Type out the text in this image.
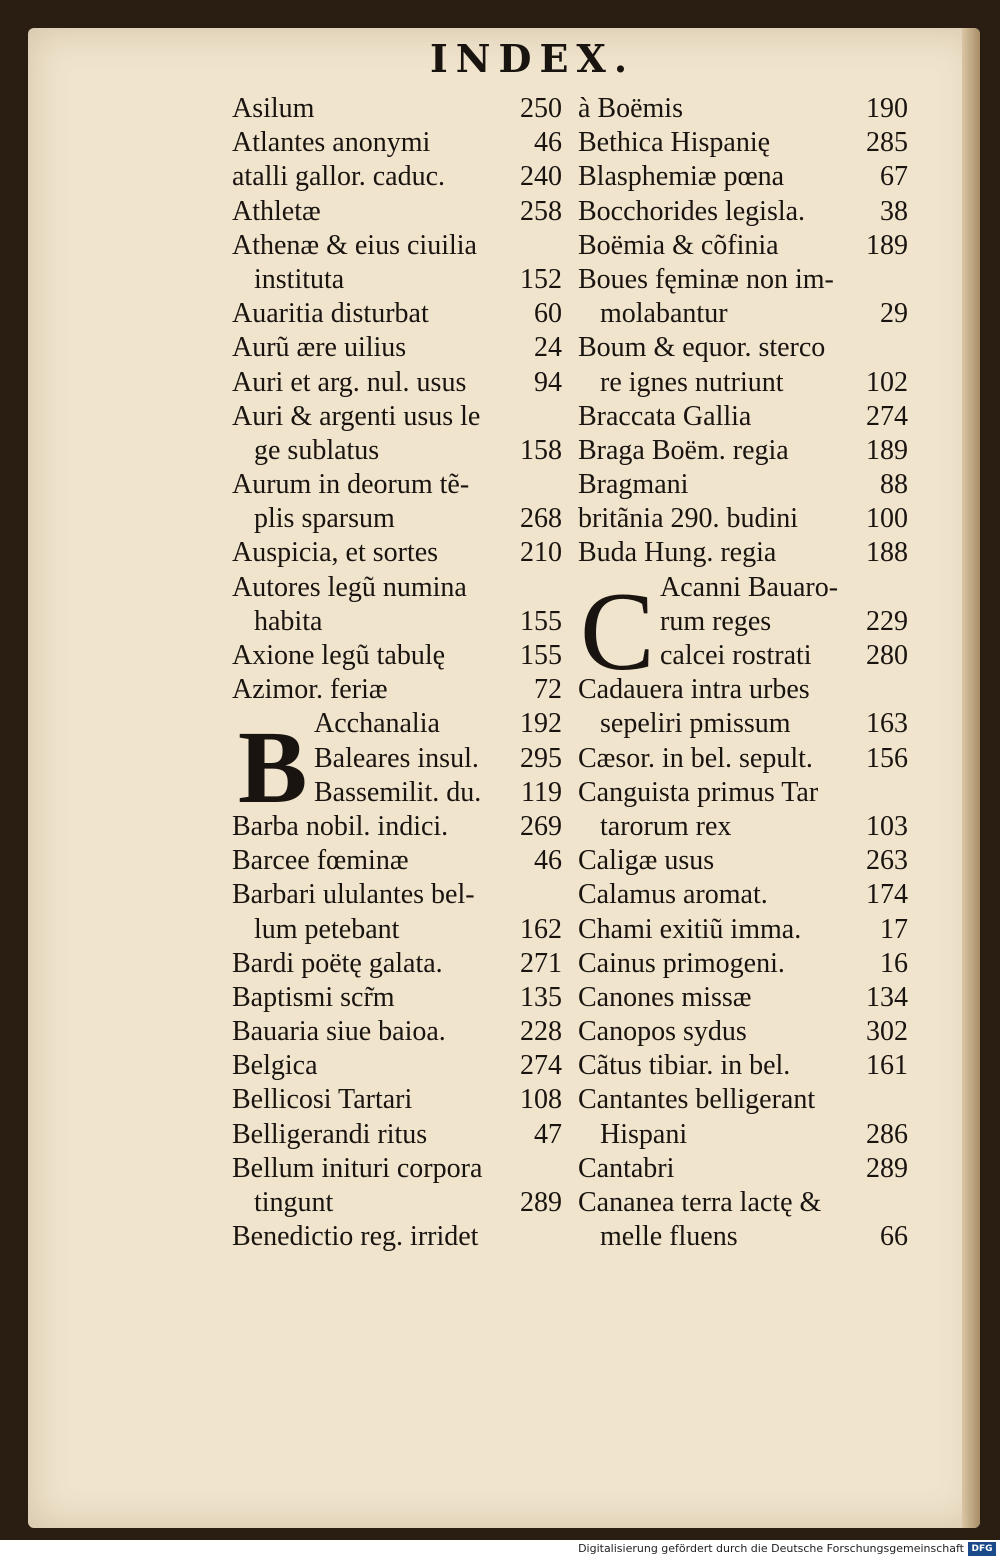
INDEX.
B
C
Asilum	250
Atlantes anonymi	46
atalli gallor. caduc.	240
Athletæ	258
Athenæ & eius ciuilia
instituta	152
Auaritia disturbat	60
Aurũ ære uilius	24
Auri et arg. nul. usus 94
Auri & argenti usus le
ge sublatus	158
Aurum in deorum tẽ-
plis sparsum	268
Auspicia, et sortes	210
Autores legũ numina
habita	155
Axione legũ tabulę	155
Azimor. feriæ	72
Acchanalia	192
Baleares insul. 295
Bassemilit. du. 119
Barba nobil. indici.	269
Barcee fœminæ	46
Barbari ululantes bel-
lum petebant	162
Bardi poëtę galata.	271
Baptismi scr̃m	135
Bauaria siue baioa.	228
Belgica	274
Bellicosi Tartari	108
Belligerandi ritus	47
Bellum inituri corpora
tingunt	289
Benedictio reg. irridet
à Boëmis	190
Bethica Hispanię	285
Blasphemiæ pœna	67
Bocchorides legisla.	38
Boëmia & cõfinia	189
Boues fęminæ non im-
molabantur	29
Boum & equor. sterco
re ignes nutriunt	102
Braccata Gallia	274
Braga Boëm. regia	189
Bragmani	88
britãnia 290. budini 100
Buda Hung. regia	188
Acanni Bauaro-
rum reges	229
calcei rostrati 280
Cadauera intra urbes
sepeliri pmissum	163
Cæsor. in bel. sepult. 156
Canguista primus Tar
tarorum rex	103
Caligæ usus	263
Calamus aromat.	174
Chami exitiũ imma.	17
Cainus primogeni.	16
Canones missæ	134
Canopos sydus	302
Cãtus tibiar. in bel.	161
Cantantes belligerant
Hispani	286
Cantabri	289
Cananea terra lactę &
melle fluens	66
Digitalisierung gefördert durch die Deutsche Forschungsgemeinschaft DFG
